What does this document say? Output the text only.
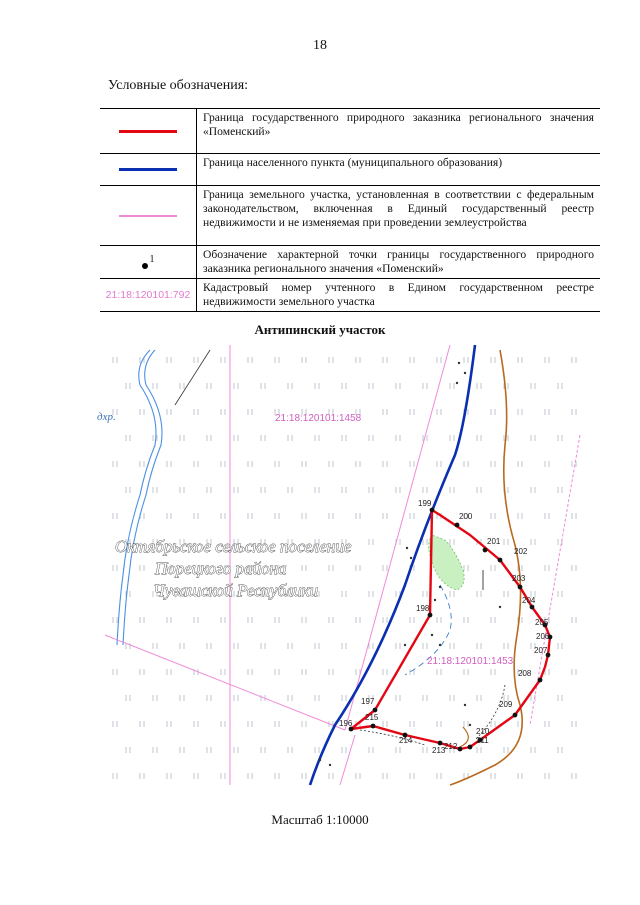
18
Условные обозначения:
	Граница государственного природного заказника регионального значения «Поменский»
	Граница населенного пункта (муниципального образования)
	Граница земельного участка, установленная в соответствии с федеральным законодательством, включенная в Единый государственный реестр недвижимости и не изменяемая при проведении землеустройства
$^1$	Обозначение характерной точки границы государственного природного заказника регионального значения «Поменский»
21:18:120101:792	Кадастровый номер учтенного в Едином государственном реестре недвижимости земельного участка
Антипинский участок
дхр.
196
197
198
199
200
201
202
203
204
205
206
207
208
209
210
211
212
213
214
215
21:18:120101:1458
21:18:120101:1453
Октябрьское сельское поселение
Порецкого района
Чувашской Республики
Масштаб 1:10000
